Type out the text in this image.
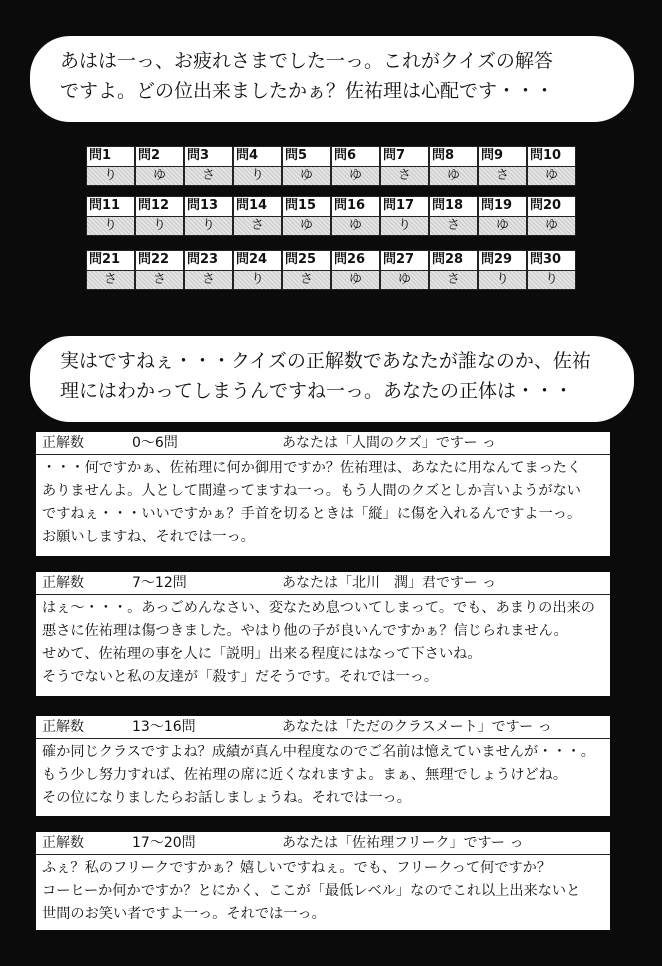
あはは一っ、お疲れさまでした一っ。これがクイズの解答
ですよ。どの位出来ましたかぁ？佐祐理は心配です・・・
問1	問2	問3	問4	問5	問6	問7	問8	問9	問10
り	ゆ	さ	り	ゆ	ゆ	さ	ゆ	さ	ゆ
問11	問12	問13	問14	問15	問16	問17	問18	問19	問20
り	り	り	さ	ゆ	ゆ	り	さ	ゆ	ゆ
問21	問22	問23	問24	問25	問26	問27	問28	問29	問30
さ	さ	さ	り	さ	ゆ	ゆ	さ	り	り
実はですねぇ・・・クイズの正解数であなたが誰なのか、佐祐
理にはわかってしまうんですね一っ。あなたの正体は・・・
正解数	0～6問	あなたは「人間のクズ」ですー っ
・・・何ですかぁ、佐祐理に何か御用ですか？佐祐理は、あなたに用なんてまったく
ありませんよ。人として間違ってますね一っ。もう人間のクズとしか言いようがない
ですねぇ・・・いいですかぁ？手首を切るときは「縦」に傷を入れるんですよ一っ。
お願いしますね、それでは一っ。
正解数	7～12問	あなたは「北川　潤」君ですー っ
はぇ～・・・。あっごめんなさい、変なため息ついてしまって。でも、あまりの出来の
悪さに佐祐理は傷つきました。やはり他の子が良いんですかぁ？信じられません。
せめて、佐祐理の事を人に「説明」出来る程度にはなって下さいね。
そうでないと私の友達が「殺す」だそうです。それでは一っ。
正解数	13～16問	あなたは「ただのクラスメート」ですー っ
確か同じクラスですよね？成績が真ん中程度なのでご名前は憶えていませんが・・・。
もう少し努力すれば、佐祐理の席に近くなれますよ。まぁ、無理でしょうけどね。
その位になりましたらお話しましょうね。それでは一っ。
正解数	17～20問	あなたは「佐祐理フリーク」ですー っ
ふぇ？私のフリークですかぁ？嬉しいですねぇ。でも、フリークって何ですか？
コーヒーか何かですか？とにかく、ここが「最低レベル」なのでこれ以上出来ないと
世間のお笑い者ですよ一っ。それでは一っ。
